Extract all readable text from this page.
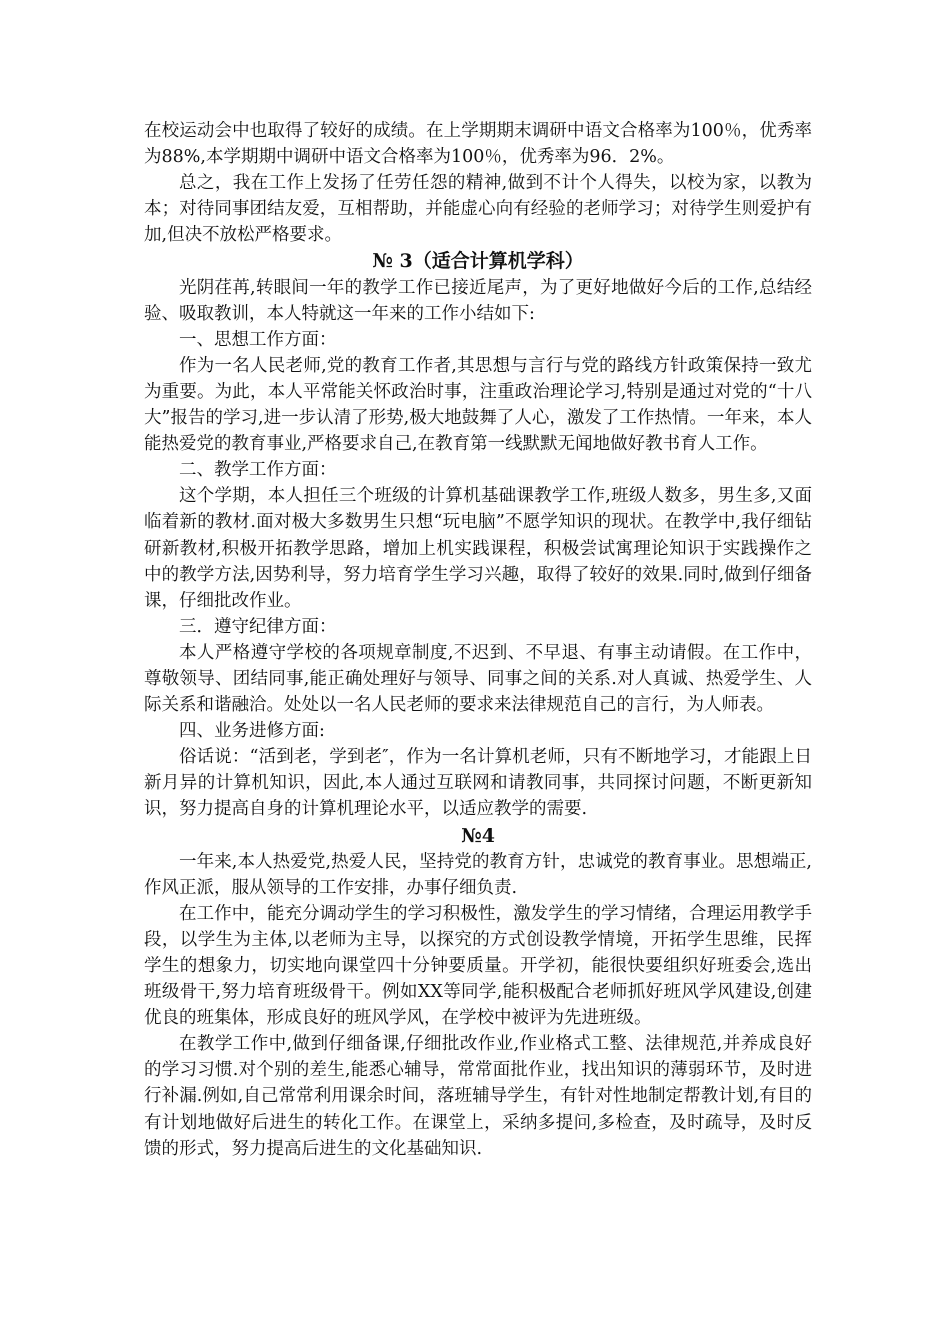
在校运动会中也取得了较好的成绩。在上学期期末调研中语文合格率为100％，优秀率为88%,本学期期中调研中语文合格率为100％，优秀率为96．2%。

总之，我在工作上发扬了任劳任怨的精神,做到不计个人得失，以校为家，以教为本；对待同事团结友爱，互相帮助，并能虚心向有经验的老师学习；对待学生则爱护有加,但决不放松严格要求。

№ 3（适合计算机学科）

光阴荏苒,转眼间一年的教学工作已接近尾声，为了更好地做好今后的工作,总结经验、吸取教训，本人特就这一年来的工作小结如下:

一、思想工作方面：

作为一名人民老师,党的教育工作者,其思想与言行与党的路线方针政策保持一致尤为重要。为此，本人平常能关怀政治时事，注重政治理论学习,特别是通过对党的“十八大”报告的学习,进一步认清了形势,极大地鼓舞了人心，激发了工作热情。一年来，本人能热爱党的教育事业,严格要求自己,在教育第一线默默无闻地做好教书育人工作。

二、教学工作方面：

这个学期，本人担任三个班级的计算机基础课教学工作,班级人数多，男生多,又面临着新的教材.面对极大多数男生只想“玩电脑”不愿学知识的现状。在教学中,我仔细钻研新教材,积极开拓教学思路，增加上机实践课程，积极尝试寓理论知识于实践操作之中的教学方法,因势利导，努力培育学生学习兴趣，取得了较好的效果.同时,做到仔细备课，仔细批改作业。

三．遵守纪律方面：

本人严格遵守学校的各项规章制度,不迟到、不早退、有事主动请假。在工作中，尊敬领导、团结同事,能正确处理好与领导、同事之间的关系.对人真诚、热爱学生、人际关系和谐融洽。处处以一名人民老师的要求来法律规范自己的言行，为人师表。

四、业务进修方面:

俗话说：“活到老，学到老″，作为一名计算机老师，只有不断地学习，才能跟上日新月异的计算机知识，因此,本人通过互联网和请教同事，共同探讨问题，不断更新知识，努力提高自身的计算机理论水平，以适应教学的需要.

№4

一年来,本人热爱党,热爱人民，坚持党的教育方针，忠诚党的教育事业。思想端正,作风正派，服从领导的工作安排，办事仔细负责.

在工作中，能充分调动学生的学习积极性，激发学生的学习情绪，合理运用教学手段，以学生为主体,以老师为主导，以探究的方式创设教学情境，开拓学生思维，民挥学生的想象力，切实地向课堂四十分钟要质量。开学初，能很快要组织好班委会,选出班级骨干,努力培育班级骨干。例如XX等同学,能积极配合老师抓好班风学风建设,创建优良的班集体，形成良好的班风学风，在学校中被评为先进班级。

在教学工作中,做到仔细备课,仔细批改作业,作业格式工整、法律规范,并养成良好的学习习惯.对个别的差生,能悉心辅导，常常面批作业，找出知识的薄弱环节，及时进行补漏.例如,自己常常利用课余时间，落班辅导学生，有针对性地制定帮教计划,有目的有计划地做好后进生的转化工作。在课堂上，采纳多提问,多检查，及时疏导，及时反馈的形式，努力提高后进生的文化基础知识.
